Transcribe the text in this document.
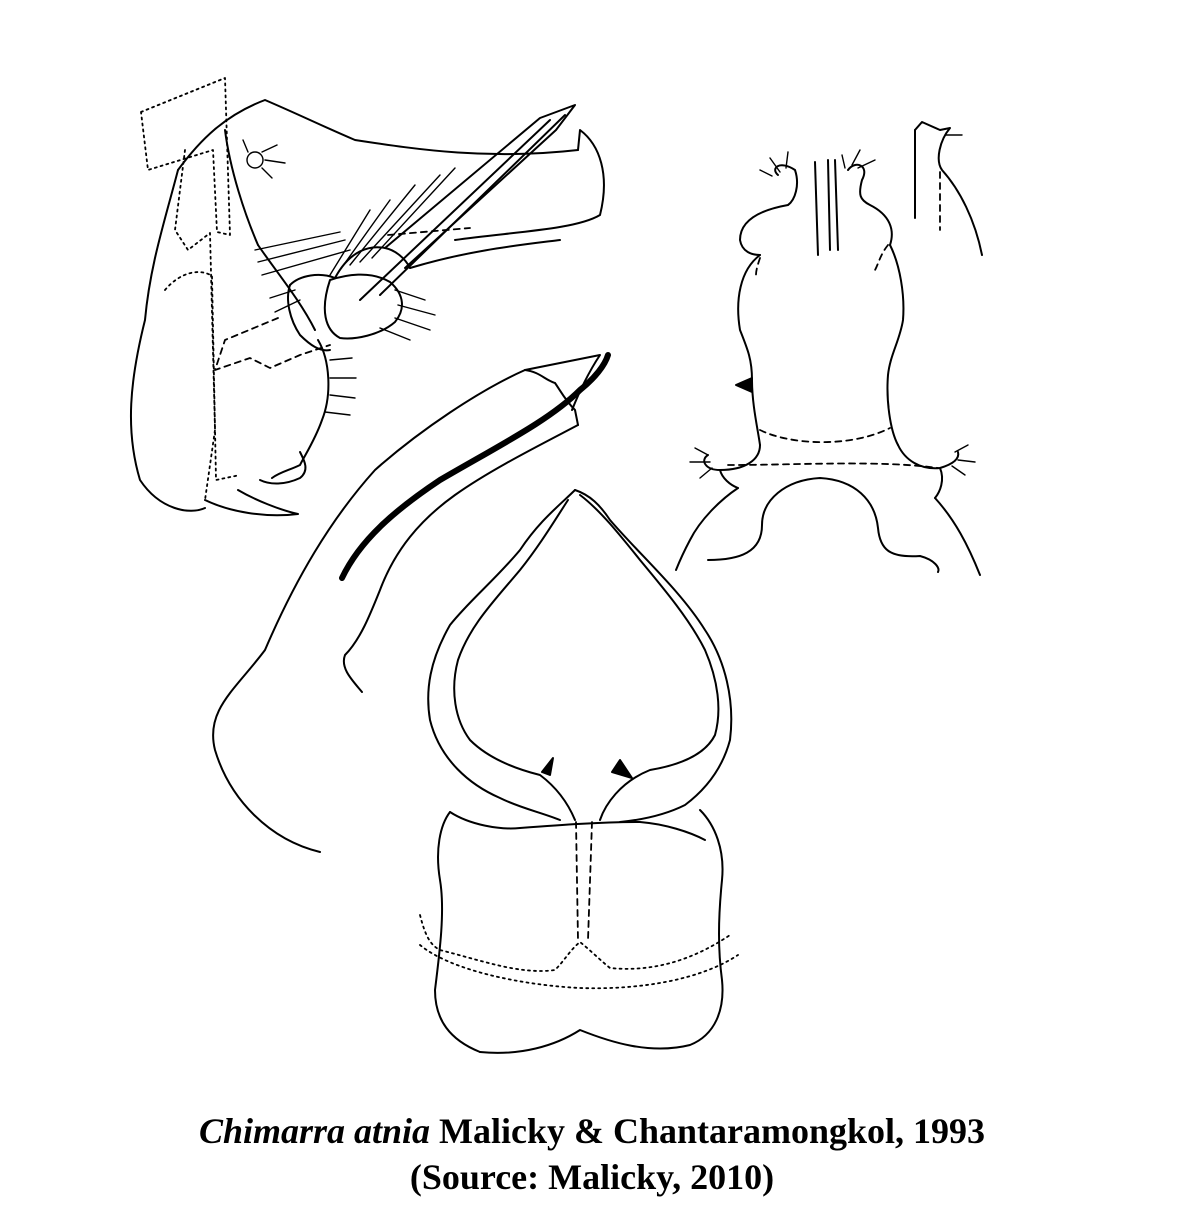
Chimarra atnia Malicky & Chantaramongkol, 1993
(Source: Malicky, 2010)
